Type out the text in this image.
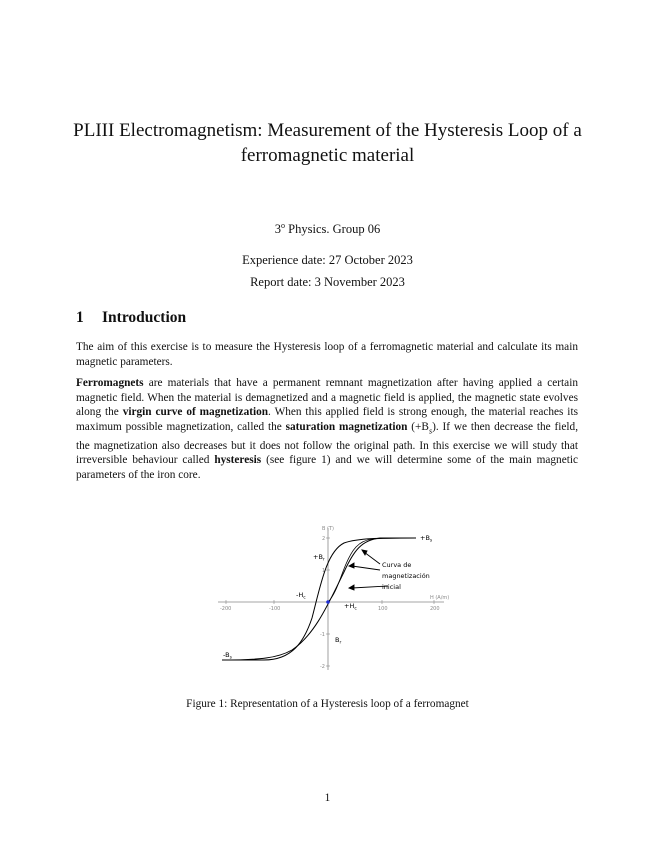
PLIII Electromagnetism: Measurement of the Hysteresis Loop of a ferromagnetic material
3$^o$ Physics. Group 06
Experience date: 27 October 2023
Report date: 3 November 2023
1 Introduction
The aim of this exercise is to measure the Hysteresis loop of a ferromagnetic material and calculate its main magnetic parameters.
Ferromagnets are materials that have a permanent remnant magnetization after having applied a certain magnetic field. When the material is demagnetized and a magnetic field is applied, the magnetic state evolves along the virgin curve of magnetization. When this applied field is strong enough, the material reaches its maximum possible magnetization, called the saturation magnetization $(+B_s)$. If we then decrease the field, the magnetization also decreases but it does not follow the original path. In this exercise we will study that irreversible behaviour called hysteresis (see figure 1) and we will determine some of the main magnetic parameters of the iron core.
B (T)
H (A/m)
-200	-100	100	200
2
1
-1
-2
$+B_s$
$-B_s$
$+B_r$
$B_r$
$-H_c$
$+H_c$
Curva de
magnetización
inicial
Figure 1: Representation of a Hysteresis loop of a ferromagnet
1
